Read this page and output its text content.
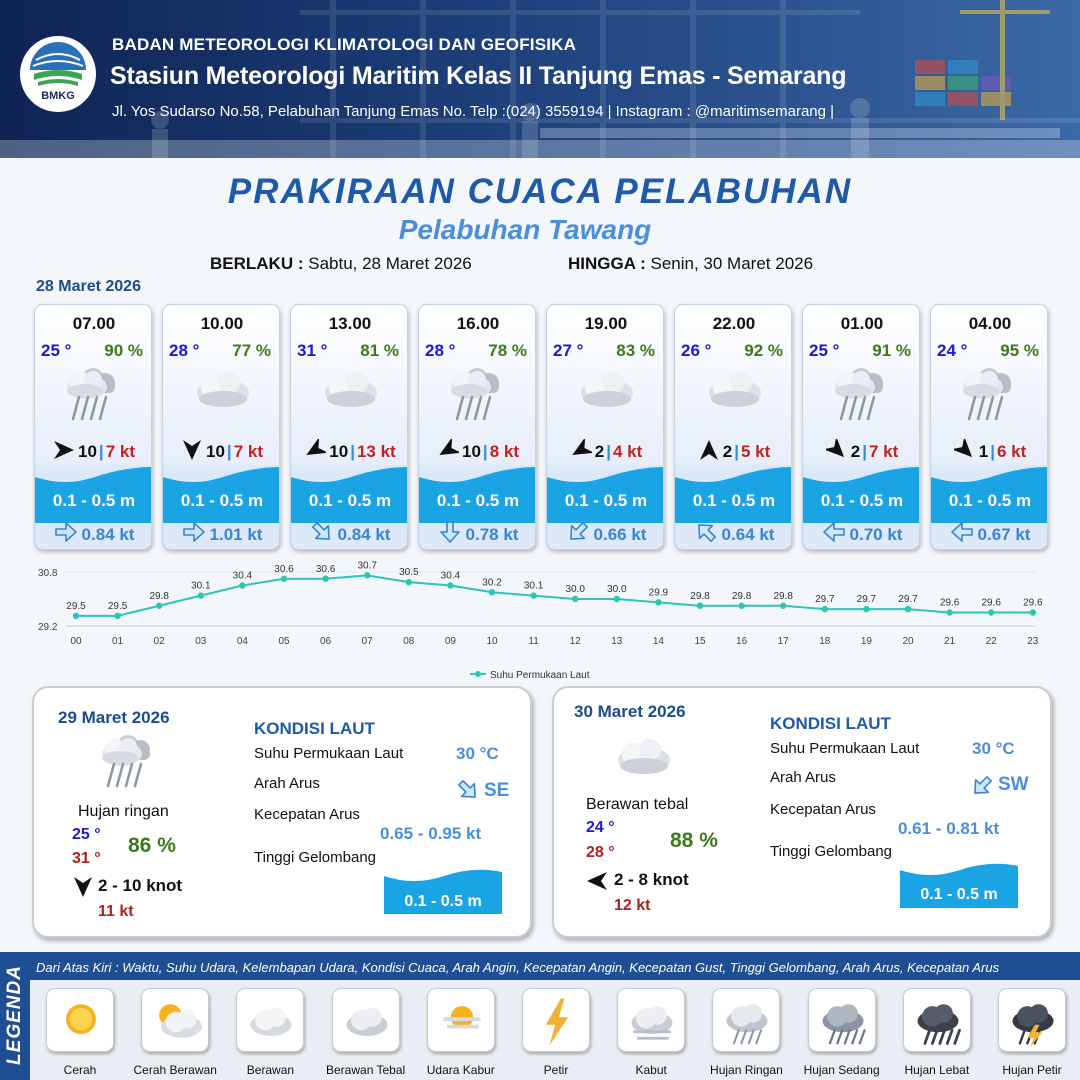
BMKG
BADAN METEOROLOGI KLIMATOLOGI DAN GEOFISIKA
Stasiun Meteorologi Maritim Kelas II Tanjung Emas - Semarang
Jl. Yos Sudarso No.58, Pelabuhan Tanjung Emas No. Telp :(024) 3559194 | Instagram : @maritimsemarang |
PRAKIRAAN CUACA PELABUHAN
Pelabuhan Tawang
BERLAKU : Sabtu, 28 Maret 2026	HINGGA : Senin, 30 Maret 2026
28 Maret 2026
07.00
25 ° 90 %
10 | 7 kt
0.1 - 0.5 m
0.84 kt
10.00
28 ° 77 %
10 | 7 kt
0.1 - 0.5 m
1.01 kt
13.00
31 ° 81 %
10 | 13 kt
0.1 - 0.5 m
0.84 kt
16.00
28 ° 78 %
10 | 8 kt
0.1 - 0.5 m
0.78 kt
19.00
27 ° 83 %
2 | 4 kt
0.1 - 0.5 m
0.66 kt
22.00
26 ° 92 %
2 | 5 kt
0.1 - 0.5 m
0.64 kt
01.00
25 ° 91 %
2 | 7 kt
0.1 - 0.5 m
0.70 kt
04.00
24 ° 95 %
1 | 6 kt
0.1 - 0.5 m
0.67 kt
30.8
29.2
29.5
00
29.5
01
29.8
02
30.1
03
30.4
04
30.6
05
30.6
06
30.7
07
30.5
08
30.4
09
30.2
10
30.1
11
30.0
12
30.0
13
29.9
14
29.8
15
29.8
16
29.8
17
29.7
18
29.7
19
29.7
20
29.6
21
29.6
22
29.6
23
Suhu Permukaan Laut
29 Maret 2026
Hujan ringan
25 °
31 °
86 %
2 - 10 knot
11 kt
KONDISI LAUT
Suhu Permukaan Laut	30 °C
Arah Arus	SE
Kecepatan Arus
0.65 - 0.95 kt
Tinggi Gelombang
0.1 - 0.5 m
30 Maret 2026
Berawan tebal
24 °
28 °
88 %
2 - 8 knot
12 kt
KONDISI LAUT
Suhu Permukaan Laut	30 °C
Arah Arus	SW
Kecepatan Arus
0.61 - 0.81 kt
Tinggi Gelombang
0.1 - 0.5 m
LEGENDA Dari Atas Kiri : Waktu, Suhu Udara, Kelembapan Udara, Kondisi Cuaca, Arah Angin, Kecepatan Angin, Kecepatan Gust, Tinggi Gelombang, Arah Arus, Kecepatan Arus
Cerah	Cerah Berawan	Berawan	Berawan Tebal	Udara Kabur	Petir	Kabut	Hujan Ringan	Hujan Sedang	Hujan Lebat	Hujan Petir
